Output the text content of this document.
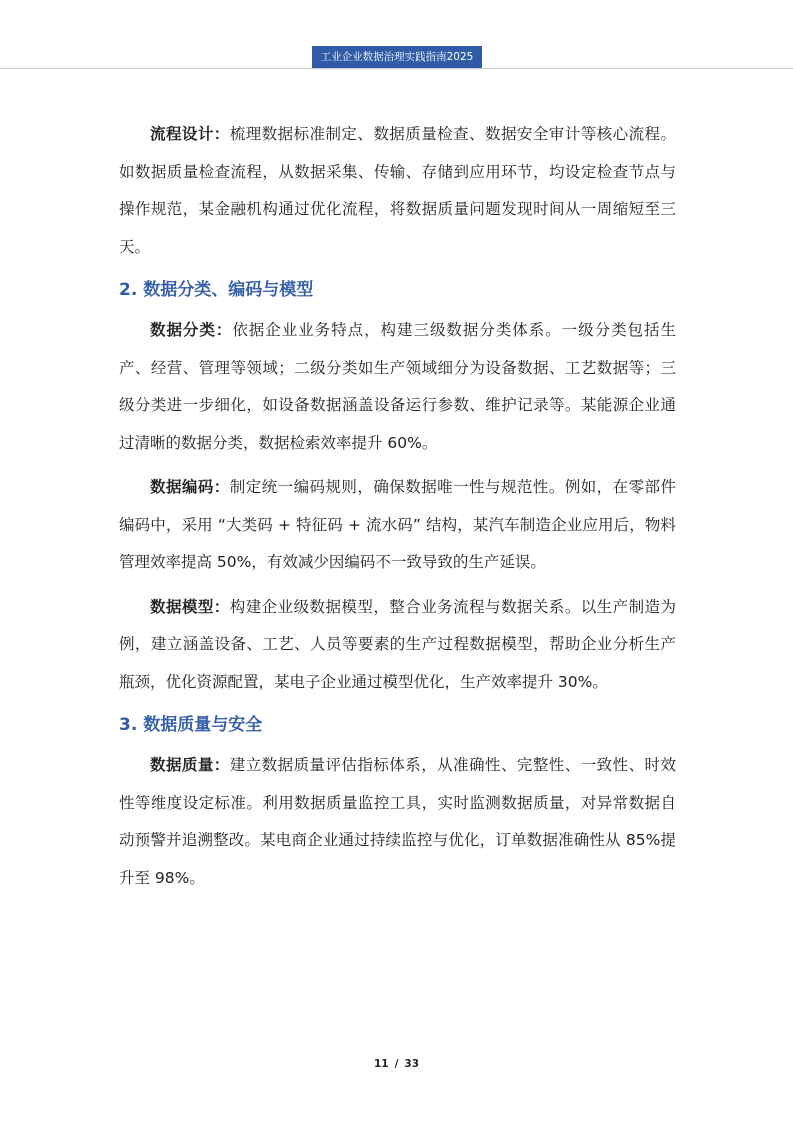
工业企业数据治理实践指南2025

流程设计：梳理数据标准制定、数据质量检查、数据安全审计等核心流程。如数据质量检查流程，从数据采集、传输、存储到应用环节，均设定检查节点与操作规范，某金融机构通过优化流程，将数据质量问题发现时间从一周缩短至三天。

2. 数据分类、编码与模型

数据分类：依据企业业务特点，构建三级数据分类体系。一级分类包括生产、经营、管理等领域；二级分类如生产领域细分为设备数据、工艺数据等；三级分类进一步细化，如设备数据涵盖设备运行参数、维护记录等。某能源企业通过清晰的数据分类，数据检索效率提升 60%。

数据编码：制定统一编码规则，确保数据唯一性与规范性。例如，在零部件编码中，采用 “大类码 + 特征码 + 流水码” 结构，某汽车制造企业应用后，物料管理效率提高 50%，有效减少因编码不一致导致的生产延误。

数据模型：构建企业级数据模型，整合业务流程与数据关系。以生产制造为例，建立涵盖设备、工艺、人员等要素的生产过程数据模型，帮助企业分析生产瓶颈，优化资源配置，某电子企业通过模型优化，生产效率提升 30%。

3. 数据质量与安全

数据质量：建立数据质量评估指标体系，从准确性、完整性、一致性、时效性等维度设定标准。利用数据质量监控工具，实时监测数据质量，对异常数据自动预警并追溯整改。某电商企业通过持续监控与优化，订单数据准确性从 85%提升至 98%。

11 / 33
